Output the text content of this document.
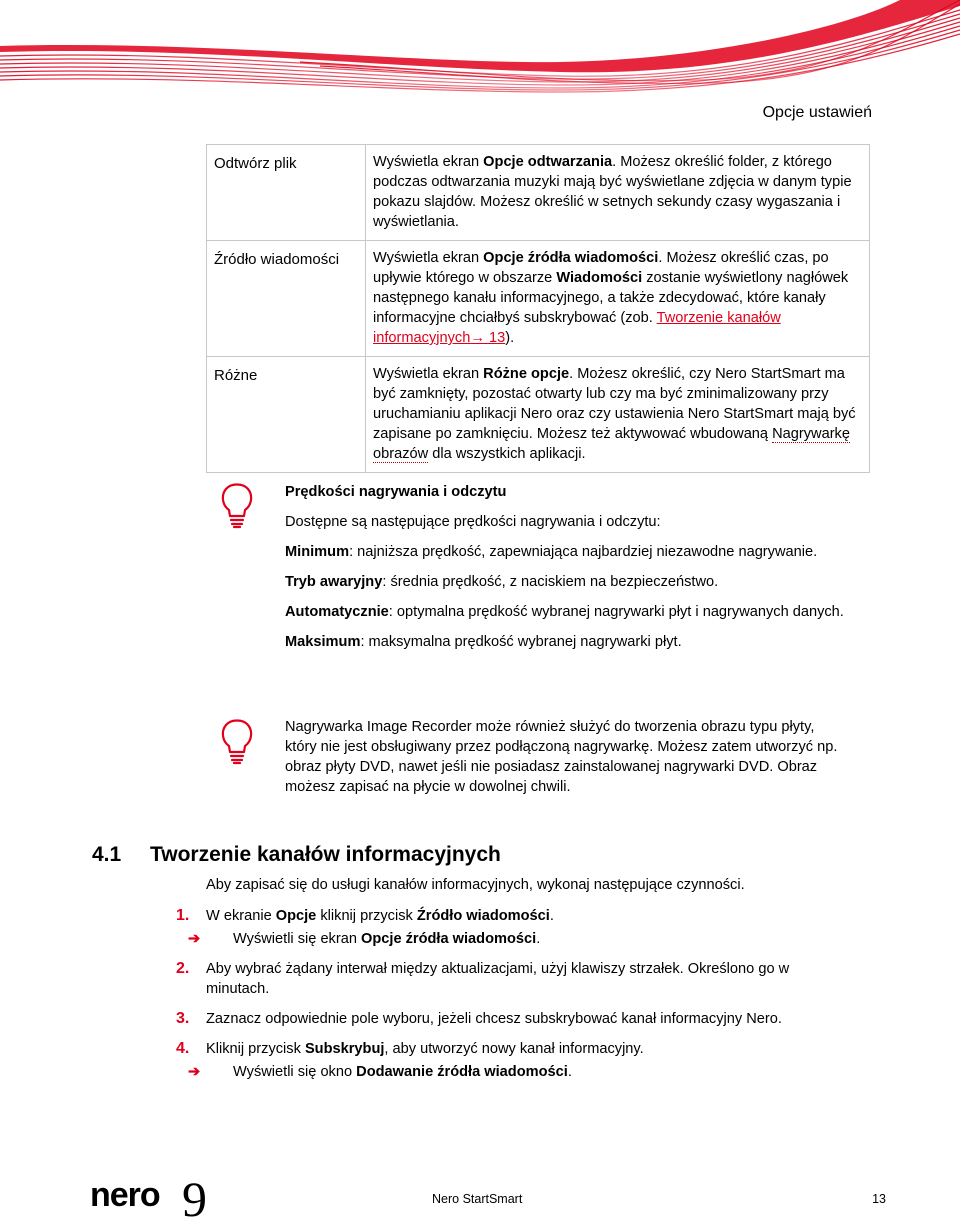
Opcje ustawień
Odtwórz plik	Wyświetla ekran Opcje odtwarzania. Możesz określić folder, z którego podczas odtwarzania muzyki mają być wyświetlane zdjęcia w danym typie pokazu slajdów. Możesz określić w setnych sekundy czasy wygaszania i wyświetlania.
Źródło wiadomości	Wyświetla ekran Opcje źródła wiadomości. Możesz określić czas, po upływie którego w obszarze Wiadomości zostanie wyświetlony nagłówek następnego kanału informacyjnego, a także zdecydować, które kanały informacyjne chciałbyś subskrybować (zob. Tworzenie kanałów informacyjnych→ 13).
Różne	Wyświetla ekran Różne opcje. Możesz określić, czy Nero StartSmart ma być zamknięty, pozostać otwarty lub czy ma być zminimalizowany przy uruchamianiu aplikacji Nero oraz czy ustawienia Nero StartSmart mają być zapisane po zamknięciu. Możesz też aktywować wbudowaną Nagrywarkę obrazów dla wszystkich aplikacji.

Prędkości nagrywania i odczytu

Dostępne są następujące prędkości nagrywania i odczytu:

Minimum: najniższa prędkość, zapewniająca najbardziej niezawodne nagrywanie.

Tryb awaryjny: średnia prędkość, z naciskiem na bezpieczeństwo.

Automatycznie: optymalna prędkość wybranej nagrywarki płyt i nagrywanych danych.

Maksimum: maksymalna prędkość wybranej nagrywarki płyt.

Nagrywarka Image Recorder może również służyć do tworzenia obrazu typu płyty, który nie jest obsługiwany przez podłączoną nagrywarkę. Możesz zatem utworzyć np. obraz płyty DVD, nawet jeśli nie posiadasz zainstalowanej nagrywarki DVD. Obraz możesz zapisać na płycie w dowolnej chwili.

4.1 Tworzenie kanałów informacyjnych
Aby zapisać się do usługi kanałów informacyjnych, wykonaj następujące czynności.
1. W ekranie Opcje kliknij przycisk Źródło wiadomości.
➔ Wyświetli się ekran Opcje źródła wiadomości.
2. Aby wybrać żądany interwał między aktualizacjami, użyj klawiszy strzałek. Określono go w minutach.
3. Zaznacz odpowiednie pole wyboru, jeżeli chcesz subskrybować kanał informacyjny Nero.
4. Kliknij przycisk Subskrybuj, aby utworzyć nowy kanał informacyjny.
➔ Wyświetli się okno Dodawanie źródła wiadomości.
nero 9	Nero StartSmart	13
